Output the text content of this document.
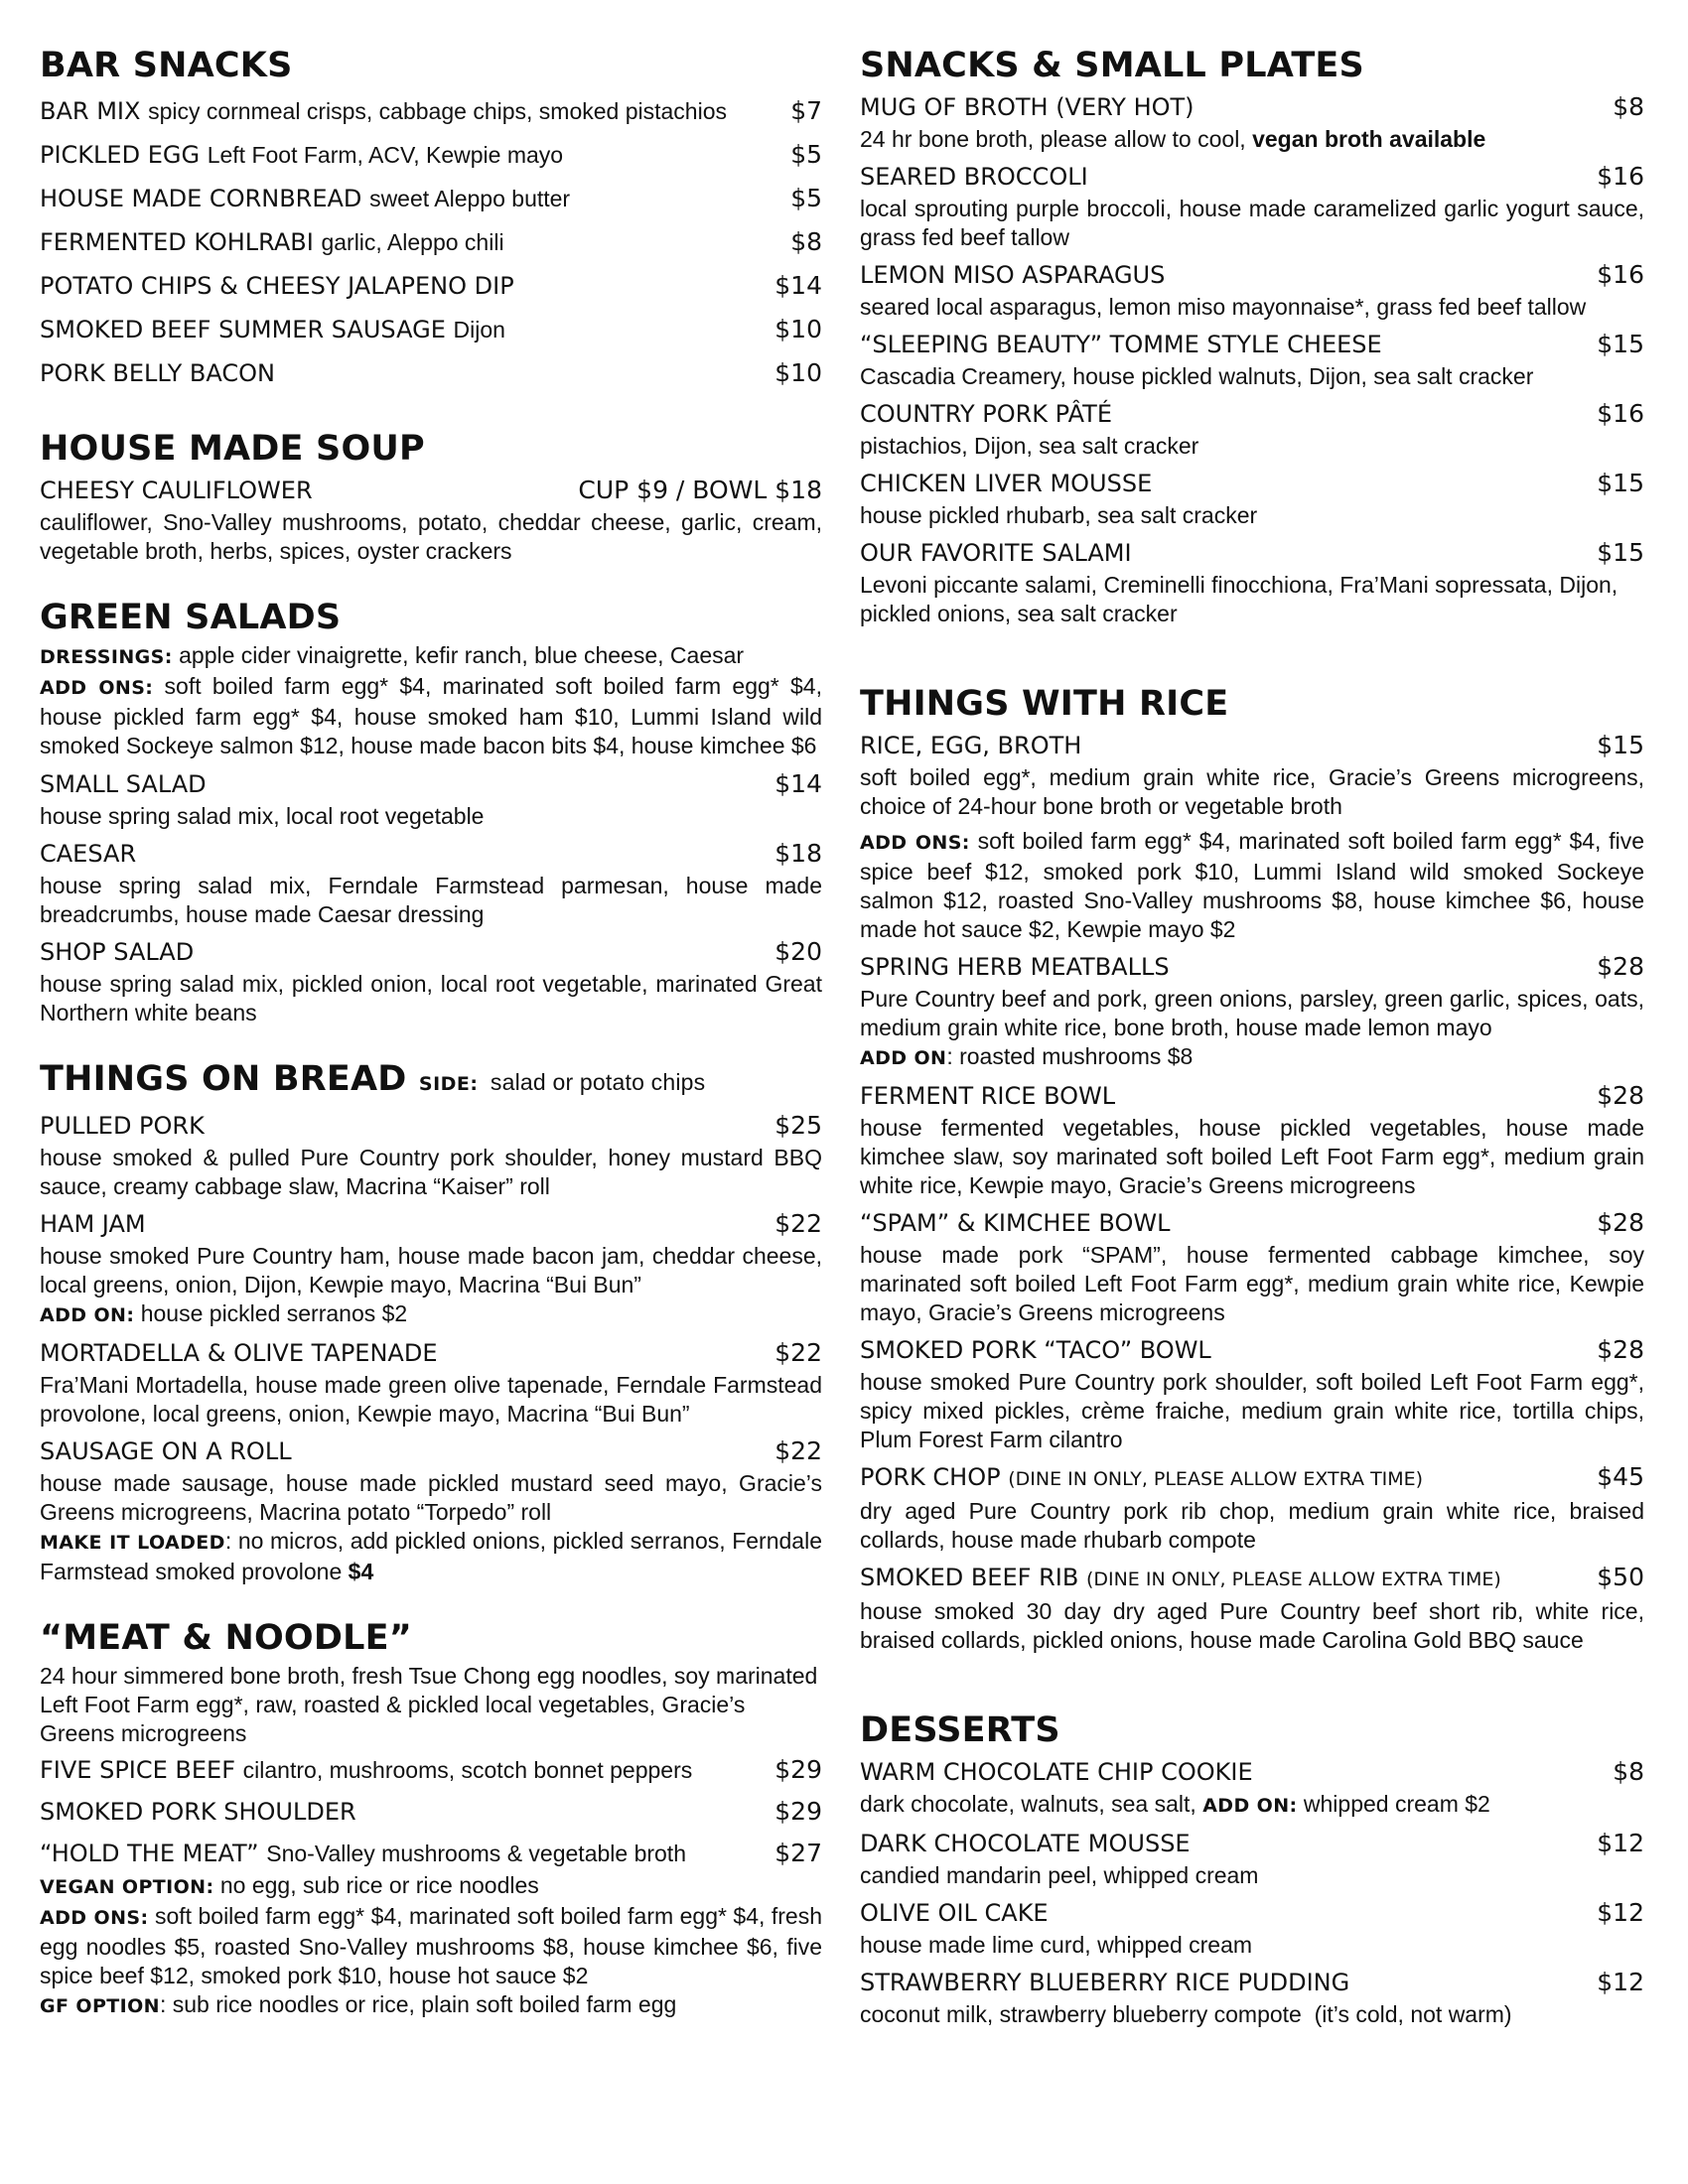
BAR SNACKS
BAR MIX spicy cornmeal crisps, cabbage chips, smoked pistachios	$7
PICKLED EGG Left Foot Farm, ACV, Kewpie mayo	$5
HOUSE MADE CORNBREAD sweet Aleppo butter	$5
FERMENTED KOHLRABI garlic, Aleppo chili	$8
POTATO CHIPS & CHEESY JALAPENO DIP	$14
SMOKED BEEF SUMMER SAUSAGE Dijon	$10
PORK BELLY BACON	$10
HOUSE MADE SOUP
CHEESY CAULIFLOWER	CUP $9 / BOWL $18
cauliflower, Sno-Valley mushrooms, potato, cheddar cheese, garlic, cream, vegetable broth, herbs, spices, oyster crackers
GREEN SALADS
DRESSINGS: apple cider vinaigrette, kefir ranch, blue cheese, Caesar
ADD ONS: soft boiled farm egg* $4, marinated soft boiled farm egg* $4, house pickled farm egg* $4, house smoked ham $10, Lummi Island wild smoked Sockeye salmon $12, house made bacon bits $4, house kimchee $6
SMALL SALAD	$14
house spring salad mix, local root vegetable
CAESAR	$18
house spring salad mix, Ferndale Farmstead parmesan, house made breadcrumbs, house made Caesar dressing
SHOP SALAD	$20
house spring salad mix, pickled onion, local root vegetable, marinated Great Northern white beans
THINGS ON BREAD SIDE: salad or potato chips
PULLED PORK	$25
house smoked & pulled Pure Country pork shoulder, honey mustard BBQ sauce, creamy cabbage slaw, Macrina “Kaiser” roll
HAM JAM	$22
house smoked Pure Country ham, house made bacon jam, cheddar cheese, local greens, onion, Dijon, Kewpie mayo, Macrina “Bui Bun”
ADD ON: house pickled serranos $2
MORTADELLA & OLIVE TAPENADE	$22
Fra’Mani Mortadella, house made green olive tapenade, Ferndale Farmstead provolone, local greens, onion, Kewpie mayo, Macrina “Bui Bun”
SAUSAGE ON A ROLL	$22
house made sausage, house made pickled mustard seed mayo, Gracie’s Greens microgreens, Macrina potato “Torpedo” roll
MAKE IT LOADED: no micros, add pickled onions, pickled serranos, Ferndale Farmstead smoked provolone $4
“MEAT & NOODLE”
24 hour simmered bone broth, fresh Tsue Chong egg noodles, soy marinated Left Foot Farm egg*, raw, roasted & pickled local vegetables, Gracie’s Greens microgreens
FIVE SPICE BEEF cilantro, mushrooms, scotch bonnet peppers	$29
SMOKED PORK SHOULDER	$29
“HOLD THE MEAT” Sno-Valley mushrooms & vegetable broth	$27
VEGAN OPTION: no egg, sub rice or rice noodles
ADD ONS: soft boiled farm egg* $4, marinated soft boiled farm egg* $4, fresh egg noodles $5, roasted Sno-Valley mushrooms $8, house kimchee $6, five spice beef $12, smoked pork $10, house hot sauce $2
GF OPTION: sub rice noodles or rice, plain soft boiled farm egg
SNACKS & SMALL PLATES
MUG OF BROTH (VERY HOT)	$8
24 hr bone broth, please allow to cool, vegan broth available
SEARED BROCCOLI	$16
local sprouting purple broccoli, house made caramelized garlic yogurt sauce, grass fed beef tallow
LEMON MISO ASPARAGUS	$16
seared local asparagus, lemon miso mayonnaise*, grass fed beef tallow
“SLEEPING BEAUTY” TOMME STYLE CHEESE	$15
Cascadia Creamery, house pickled walnuts, Dijon, sea salt cracker
COUNTRY PORK PÂTÉ	$16
pistachios, Dijon, sea salt cracker
CHICKEN LIVER MOUSSE	$15
house pickled rhubarb, sea salt cracker
OUR FAVORITE SALAMI	$15
Levoni piccante salami, Creminelli finocchiona, Fra’Mani sopressata, Dijon, pickled onions, sea salt cracker
THINGS WITH RICE
RICE, EGG, BROTH	$15
soft boiled egg*, medium grain white rice, Gracie’s Greens microgreens, choice of 24-hour bone broth or vegetable broth
ADD ONS: soft boiled farm egg* $4, marinated soft boiled farm egg* $4, five spice beef $12, smoked pork $10, Lummi Island wild smoked Sockeye salmon $12, roasted Sno-Valley mushrooms $8, house kimchee $6, house made hot sauce $2, Kewpie mayo $2
SPRING HERB MEATBALLS	$28
Pure Country beef and pork, green onions, parsley, green garlic, spices, oats, medium grain white rice, bone broth, house made lemon mayo
ADD ON: roasted mushrooms $8
FERMENT RICE BOWL	$28
house fermented vegetables, house pickled vegetables, house made kimchee slaw, soy marinated soft boiled Left Foot Farm egg*, medium grain white rice, Kewpie mayo, Gracie’s Greens microgreens
“SPAM” & KIMCHEE BOWL	$28
house made pork “SPAM”, house fermented cabbage kimchee, soy marinated soft boiled Left Foot Farm egg*, medium grain white rice, Kewpie mayo, Gracie’s Greens microgreens
SMOKED PORK “TACO” BOWL	$28
house smoked Pure Country pork shoulder, soft boiled Left Foot Farm egg*, spicy mixed pickles, crème fraiche, medium grain white rice, tortilla chips, Plum Forest Farm cilantro
PORK CHOP (DINE IN ONLY, PLEASE ALLOW EXTRA TIME)	$45
dry aged Pure Country pork rib chop, medium grain white rice, braised collards, house made rhubarb compote
SMOKED BEEF RIB (DINE IN ONLY, PLEASE ALLOW EXTRA TIME)	$50
house smoked 30 day dry aged Pure Country beef short rib, white rice, braised collards, pickled onions, house made Carolina Gold BBQ sauce
DESSERTS
WARM CHOCOLATE CHIP COOKIE	$8
dark chocolate, walnuts, sea salt, ADD ON: whipped cream $2
DARK CHOCOLATE MOUSSE	$12
candied mandarin peel, whipped cream
OLIVE OIL CAKE	$12
house made lime curd, whipped cream
STRAWBERRY BLUEBERRY RICE PUDDING	$12
coconut milk, strawberry blueberry compote  (it’s cold, not warm)
